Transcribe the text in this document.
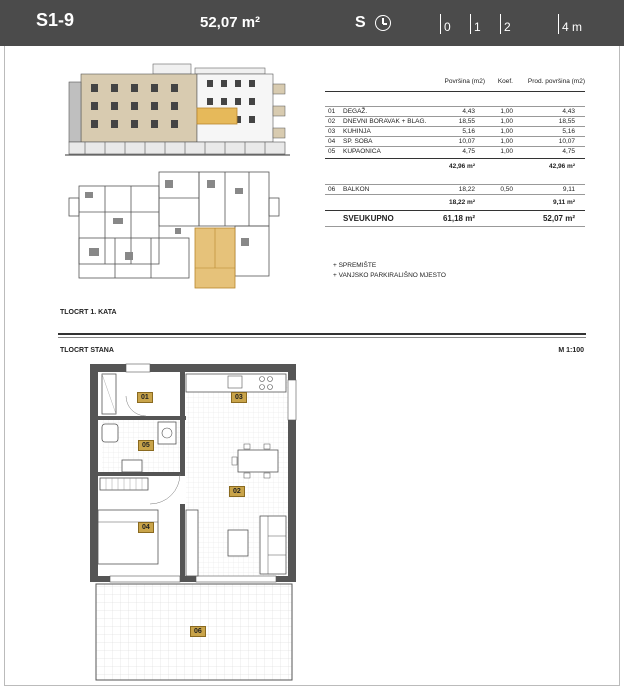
S1-9	52,07 m²	S	0	1	2	4 m
TLOCRT 1. KATA
Površina (m2) Koef. Prod. površina (m2)
01 DEGAŽ.	4,43	1,00	4,43
02 DNEVNI BORAVAK + BLAG.	18,55	1,00	18,55
03 KUHINJA	5,16	1,00	5,16
04 SP. SOBA	10,07	1,00	10,07
05 KUPAONICA	4,75	1,00	4,75
42,96 m²	42,96 m²
06 BALKON	18,22	0,50	9,11
18,22 m²	9,11 m²
SVEUKUPNO	61,18 m²	52,07 m²
+ SPREMIŠTE
+ VANJSKO PARKIRALIŠNO MJESTO
TLOCRT STANA	M 1:100
01	03
05
02
04
06
